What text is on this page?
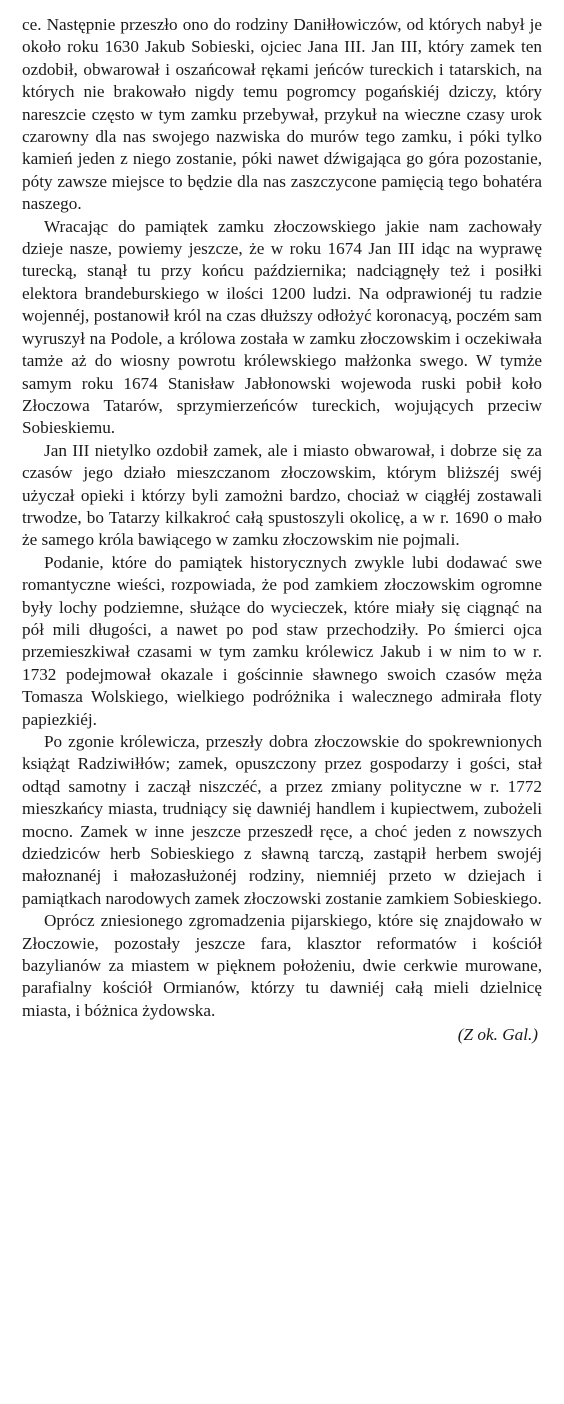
ce. Następnie przeszło ono do rodziny Daniłłowiczów, od których nabył je około roku 1630 Jakub Sobieski, ojciec Jana III. Jan III, który zamek ten ozdobił, obwarował i oszańcował rękami jeńców tureckich i tatarskich, na których nie brakowało nigdy temu pogromcy pogańskiéj dziczy, który nareszcie często w tym zamku przebywał, przykuł na wieczne czasy urok czarowny dla nas swojego nazwiska do murów tego zamku, i póki tylko kamień jeden z niego zostanie, póki nawet dźwigająca go góra pozostanie, póty zawsze miejsce to będzie dla nas zaszczycone pamięcią tego bohatéra naszego.

Wracając do pamiątek zamku złoczowskiego jakie nam zachowały dzieje nasze, powiemy jeszcze, że w roku 1674 Jan III idąc na wyprawę turecką, stanął tu przy końcu października; nadciągnęły też i posiłki elektora brandeburskiego w ilości 1200 ludzi. Na odprawionéj tu radzie wojennéj, postanowił król na czas dłuższy odłożyć koronacyą, poczém sam wyruszył na Podole, a królowa została w zamku złoczowskim i oczekiwała tamże aż do wiosny powrotu królewskiego małżonka swego. W tymże samym roku 1674 Stanisław Jabłonowski wojewoda ruski pobił koło Złoczowa Tatarów, sprzymierzeńców tureckich, wojujących przeciw Sobieskiemu.

Jan III nietylko ozdobił zamek, ale i miasto obwarował, i dobrze się za czasów jego działo mieszczanom złoczowskim, którym bliższéj swéj użyczał opieki i którzy byli zamożni bardzo, chociaż w ciągłéj zostawali trwodze, bo Tatarzy kilkakroć całą spustoszyli okolicę, a w r. 1690 o mało że samego króla bawiącego w zamku złoczowskim nie pojmali.

Podanie, które do pamiątek historycznych zwykle lubi dodawać swe romantyczne wieści, rozpowiada, że pod zamkiem złoczowskim ogromne były lochy podziemne, służące do wycieczek, które miały się ciągnąć na pół mili długości, a nawet po pod staw przechodziły. Po śmierci ojca przemieszkiwał czasami w tym zamku królewicz Jakub i w nim to w r. 1732 podejmował okazale i gościnnie sławnego swoich czasów męża Tomasza Wolskiego, wielkiego podróżnika i walecznego admirała floty papiezkiéj.

Po zgonie królewicza, przeszły dobra złoczowskie do spokrewnionych książąt Radziwiłłów; zamek, opuszczony przez gospodarzy i gości, stał odtąd samotny i zaczął niszczéć, a przez zmiany polityczne w r. 1772 mieszkańcy miasta, trudniący się dawniéj handlem i kupiectwem, zubożeli mocno. Zamek w inne jeszcze przeszedł ręce, a choć jeden z nowszych dziedziców herb Sobieskiego z sławną tarczą, zastąpił herbem swojéj małoznanéj i małozasłużonéj rodziny, niemniéj przeto w dziejach i pamiątkach narodowych zamek złoczowski zostanie zamkiem Sobieskiego.

Oprócz zniesionego zgromadzenia pijarskiego, które się znajdowało w Złoczowie, pozostały jeszcze fara, klasztor reformatów i kościół bazylianów za miastem w pięknem położeniu, dwie cerkwie murowane, parafialny kościół Ormianów, którzy tu dawniéj całą mieli dzielnicę miasta, i bóżnica żydowska.

(Z ok. Gal.)
